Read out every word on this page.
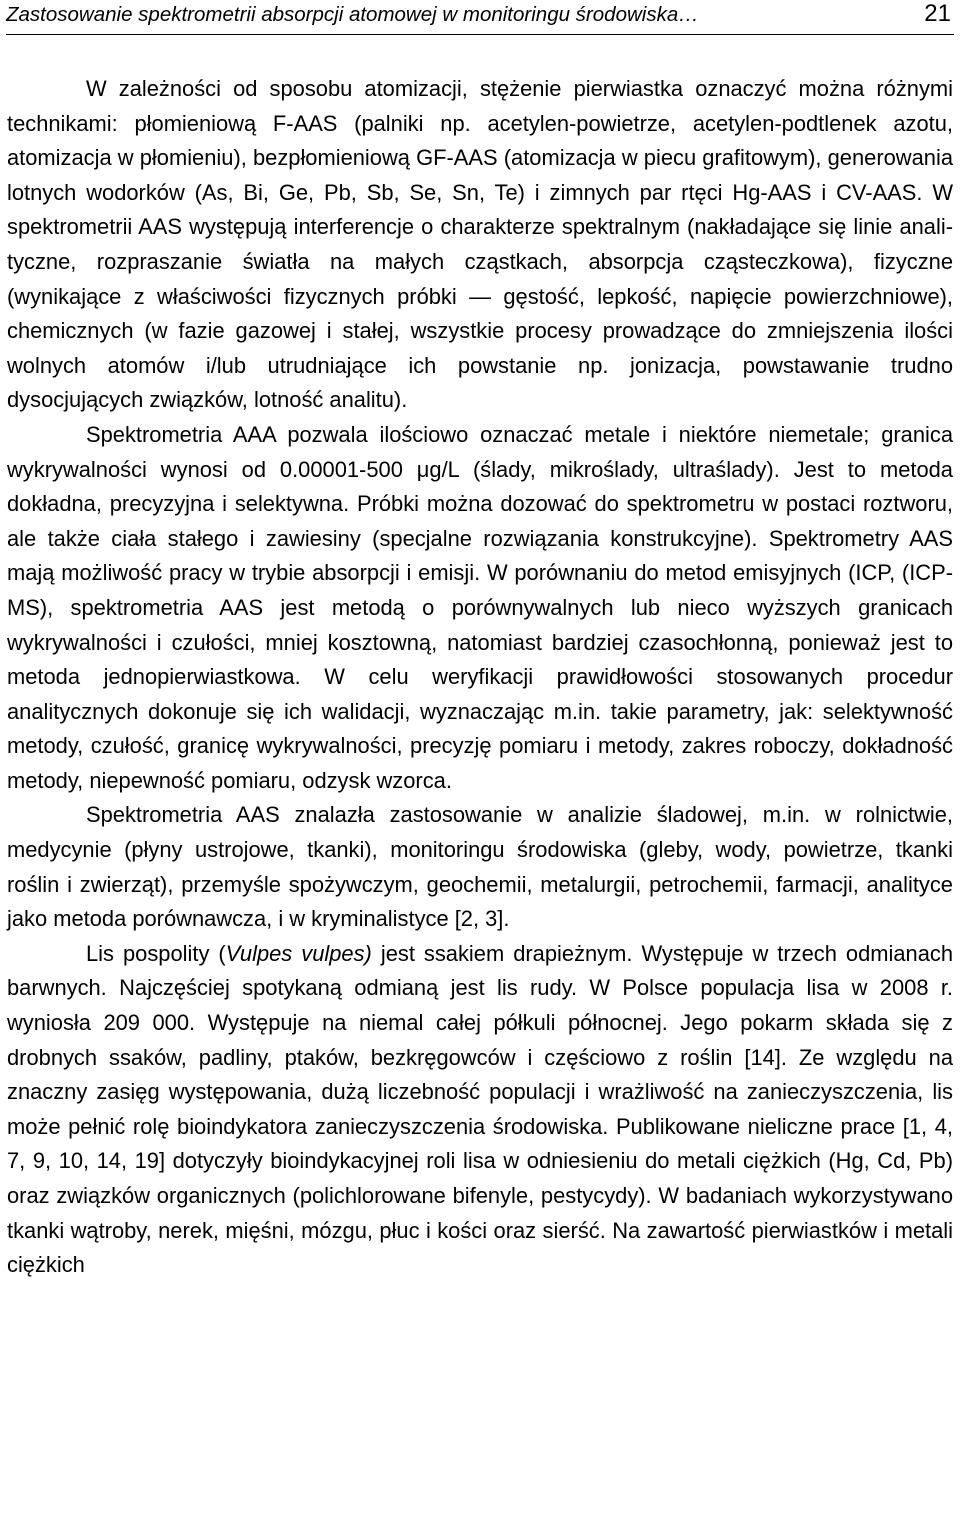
Zastosowanie spektrometrii absorpcji atomowej w monitoringu środowiska…	21

W zależności od sposobu atomizacji, stężenie pierwiastka oznaczyć można różnymi technikami: płomieniową F-AAS (palniki np. acetylen-powietrze, acetylen-podtlenek azotu, atomizacja w płomieniu), bezpłomieniową GF-AAS (atomizacja w piecu grafitowym), generowania lotnych wodorków (As, Bi, Ge, Pb, Sb, Se, Sn, Te) i zimnych par rtęci Hg-AAS i CV-AAS. W spektrometrii AAS występują interferencje o charakterze spektralnym (nakładające się linie analityczne, rozpraszanie światła na małych cząstkach, absorpcja cząsteczkowa), fizyczne (wynikające z właściwości fizycznych próbki — gęstość, lepkość, napięcie powierzchniowe), chemicznych (w fazie gazowej i stałej, wszystkie procesy prowadzące do zmniejszenia ilości wolnych atomów i/lub utrudniające ich powstanie np. jonizacja, powstawanie trudno dysocjujących związków, lotność analitu).

Spektrometria AAA pozwala ilościowo oznaczać metale i niektóre niemetale; granica wykrywalności wynosi od 0.00001-500 μg/L (ślady, mikroślady, ultraślady). Jest to metoda dokładna, precyzyjna i selektywna. Próbki można dozować do spektrometru w postaci roztworu, ale także ciała stałego i zawiesiny (specjalne rozwiązania konstrukcyjne). Spektrometry AAS mają możliwość pracy w trybie absorpcji i emisji. W porównaniu do metod emisyjnych (ICP, (ICP-MS), spektrometria AAS jest metodą o porównywalnych lub nieco wyższych granicach wykrywalności i czułości, mniej kosztowną, natomiast bardziej czasochłonną, ponieważ jest to metoda jednopierwiastkowa. W celu weryfikacji prawidłowości stosowanych procedur analitycznych dokonuje się ich walidacji, wyznaczając m.in. takie parametry, jak: selektywność metody, czułość, granicę wykrywalności, precyzję pomiaru i metody, zakres roboczy, dokładność metody, niepewność pomiaru, odzysk wzorca.

Spektrometria AAS znalazła zastosowanie w analizie śladowej, m.in. w rolnictwie, medycynie (płyny ustrojowe, tkanki), monitoringu środowiska (gleby, wody, powietrze, tkanki roślin i zwierząt), przemyśle spożywczym, geochemii, metalurgii, petrochemii, farmacji, analityce jako metoda porównawcza, i w kryminalistyce [2, 3].

Lis pospolity (Vulpes vulpes) jest ssakiem drapieżnym. Występuje w trzech odmianach barwnych. Najczęściej spotykaną odmianą jest lis rudy. W Polsce populacja lisa w 2008 r. wyniosła 209 000. Występuje na niemal całej półkuli północnej. Jego pokarm składa się z drobnych ssaków, padliny, ptaków, bezkręgowców i częściowo z roślin [14]. Ze względu na znaczny zasięg występowania, dużą liczebność populacji i wrażliwość na zanieczyszczenia, lis może pełnić rolę bioindykatora zanieczyszczenia środowiska. Publikowane nieliczne prace [1, 4, 7, 9, 10, 14, 19] dotyczyły bioindykacyjnej roli lisa w odniesieniu do metali ciężkich (Hg, Cd, Pb) oraz związków organicznych (polichlorowane bifenyle, pestycydy). W badaniach wykorzystywano tkanki wątroby, nerek, mięśni, mózgu, płuc i kości oraz sierść. Na zawartość pierwiastków i metali ciężkich
